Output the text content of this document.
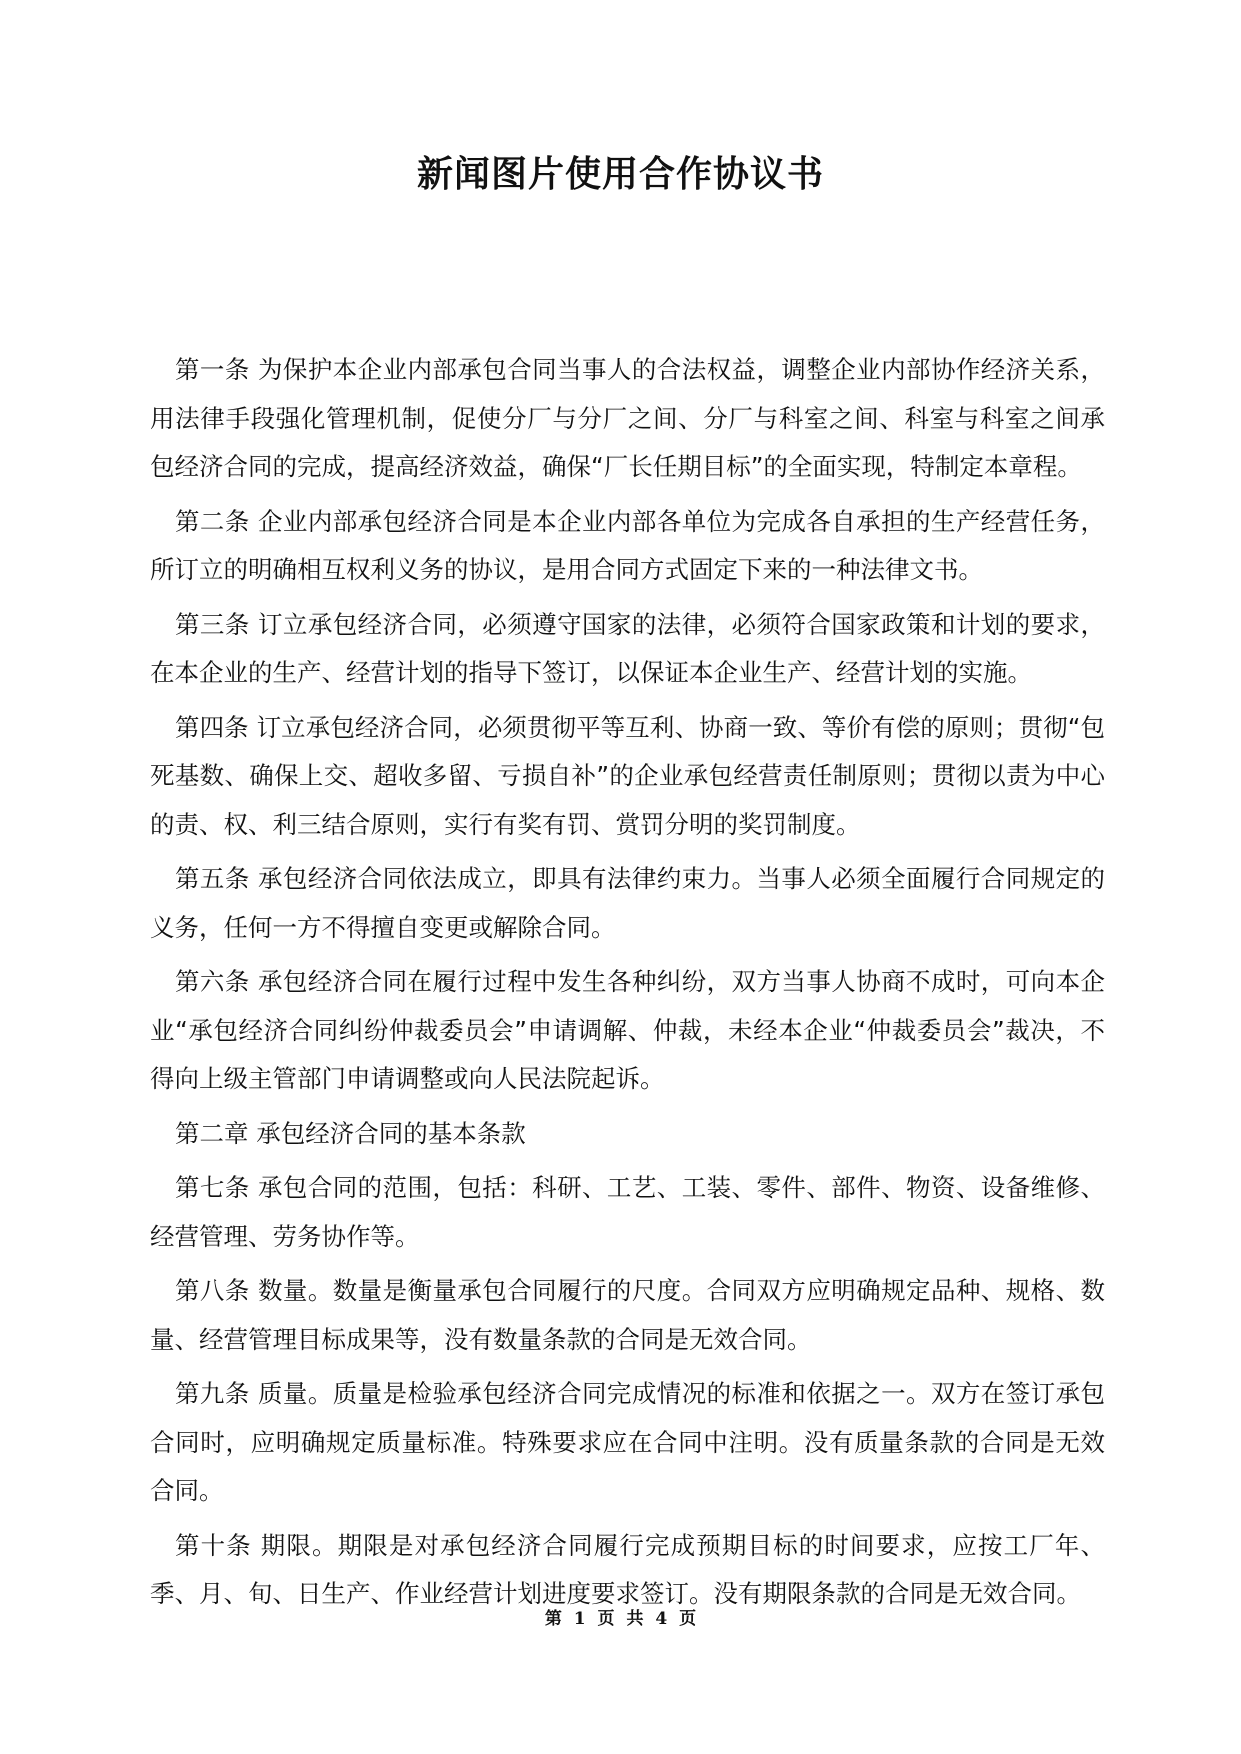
新闻图片使用合作协议书

第一条 为保护本企业内部承包合同当事人的合法权益，调整企业内部协作经济关系，用法律手段强化管理机制，促使分厂与分厂之间、分厂与科室之间、科室与科室之间承包经济合同的完成，提高经济效益，确保“厂长任期目标”的全面实现，特制定本章程。

第二条 企业内部承包经济合同是本企业内部各单位为完成各自承担的生产经营任务，所订立的明确相互权利义务的协议，是用合同方式固定下来的一种法律文书。

第三条 订立承包经济合同，必须遵守国家的法律，必须符合国家政策和计划的要求，在本企业的生产、经营计划的指导下签订，以保证本企业生产、经营计划的实施。

第四条 订立承包经济合同，必须贯彻平等互利、协商一致、等价有偿的原则；贯彻“包死基数、确保上交、超收多留、亏损自补”的企业承包经营责任制原则；贯彻以责为中心的责、权、利三结合原则，实行有奖有罚、赏罚分明的奖罚制度。

第五条 承包经济合同依法成立，即具有法律约束力。当事人必须全面履行合同规定的义务，任何一方不得擅自变更或解除合同。

第六条 承包经济合同在履行过程中发生各种纠纷，双方当事人协商不成时，可向本企业“承包经济合同纠纷仲裁委员会”申请调解、仲裁，未经本企业“仲裁委员会”裁决，不得向上级主管部门申请调整或向人民法院起诉。

第二章 承包经济合同的基本条款

第七条 承包合同的范围，包括：科研、工艺、工装、零件、部件、物资、设备维修、经营管理、劳务协作等。

第八条 数量。数量是衡量承包合同履行的尺度。合同双方应明确规定品种、规格、数量、经营管理目标成果等，没有数量条款的合同是无效合同。

第九条 质量。质量是检验承包经济合同完成情况的标准和依据之一。双方在签订承包合同时，应明确规定质量标准。特殊要求应在合同中注明。没有质量条款的合同是无效合同。

第十条 期限。期限是对承包经济合同履行完成预期目标的时间要求，应按工厂年、季、月、旬、日生产、作业经营计划进度要求签订。没有期限条款的合同是无效合同。

第 1 页 共 4 页
